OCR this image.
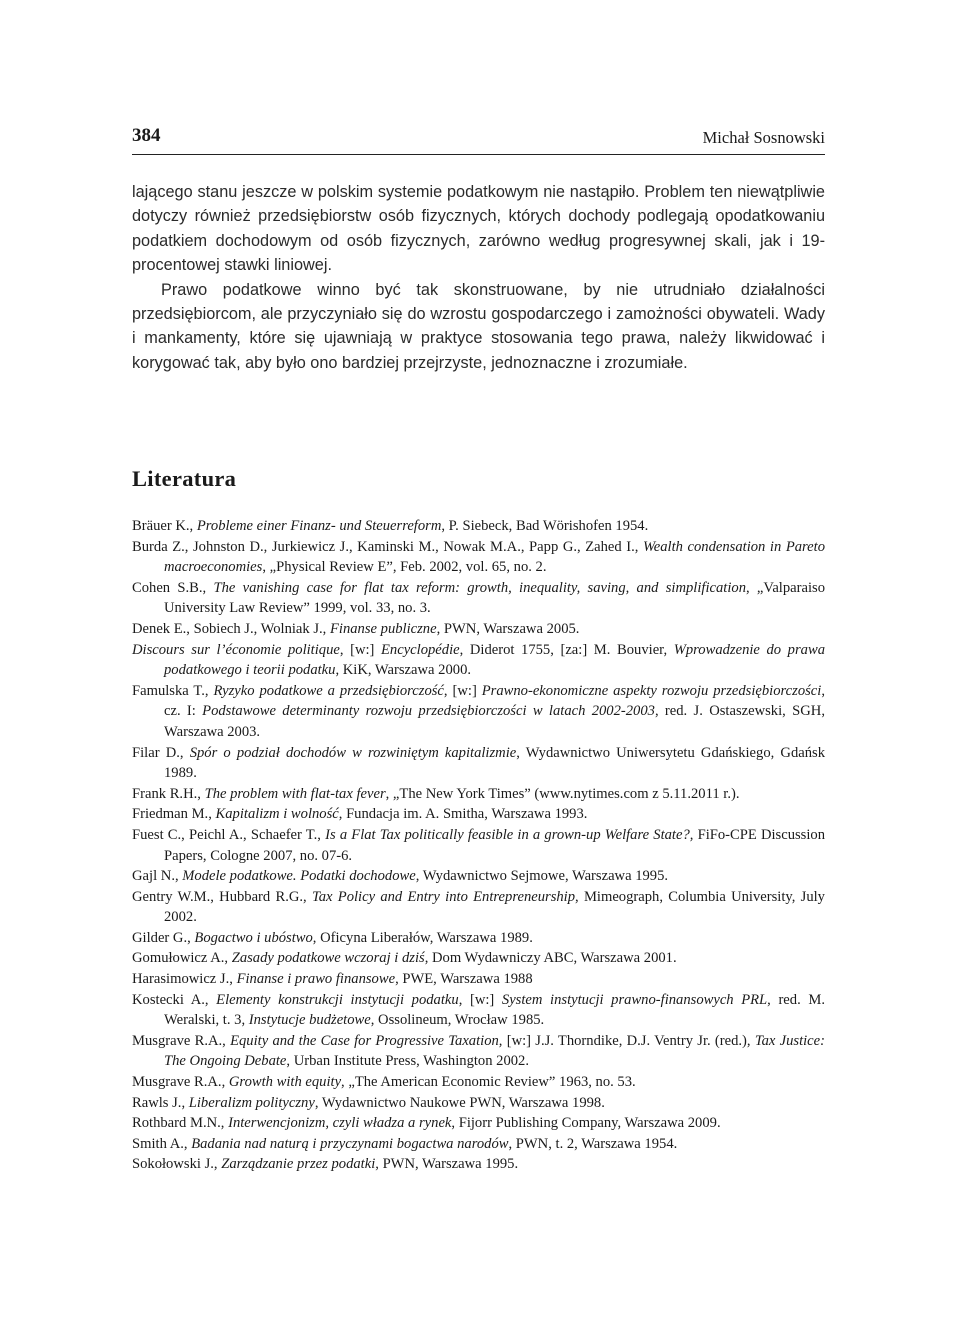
384	Michał Sosnowski

lającego stanu jeszcze w polskim systemie podatkowym nie nastąpiło. Problem ten niewątpliwie dotyczy również przedsiębiorstw osób fizycznych, których dochody podlegają opodatkowaniu podatkiem dochodowym od osób fizycznych, zarówno według progresywnej skali, jak i 19-procentowej stawki liniowej.

Prawo podatkowe winno być tak skonstruowane, by nie utrudniało działalności przedsiębiorcom, ale przyczyniało się do wzrostu gospodarczego i zamożności obywateli. Wady i mankamenty, które się ujawniają w praktyce stosowania tego prawa, należy likwidować i korygować tak, aby było ono bardziej przejrzyste, jednoznaczne i zrozumiałe.

Literatura

Bräuer K., Probleme einer Finanz- und Steuerreform, P. Siebeck, Bad Wörishofen 1954.

Burda Z., Johnston D., Jurkiewicz J., Kaminski M., Nowak M.A., Papp G., Zahed I., Wealth condensation in Pareto macroeconomies, „Physical Review E”, Feb. 2002, vol. 65, no. 2.

Cohen S.B., The vanishing case for flat tax reform: growth, inequality, saving, and simplification, „Valparaiso University Law Review” 1999, vol. 33, no. 3.

Denek E., Sobiech J., Wolniak J., Finanse publiczne, PWN, Warszawa 2005.

Discours sur l’économie politique, [w:] Encyclopédie, Diderot 1755, [za:] M. Bouvier, Wprowadzenie do prawa podatkowego i teorii podatku, KiK, Warszawa 2000.

Famulska T., Ryzyko podatkowe a przedsiębiorczość, [w:] Prawno-ekonomiczne aspekty rozwoju przedsiębiorczości, cz. I: Podstawowe determinanty rozwoju przedsiębiorczości w latach 2002-2003, red. J. Ostaszewski, SGH, Warszawa 2003.

Filar D., Spór o podział dochodów w rozwiniętym kapitalizmie, Wydawnictwo Uniwersytetu Gdańskiego, Gdańsk 1989.

Frank R.H., The problem with flat-tax fever, „The New York Times” (www.nytimes.com z 5.11.2011 r.).

Friedman M., Kapitalizm i wolność, Fundacja im. A. Smitha, Warszawa 1993.

Fuest C., Peichl A., Schaefer T., Is a Flat Tax politically feasible in a grown-up Welfare State?, FiFo-CPE Discussion Papers, Cologne 2007, no. 07-6.

Gajl N., Modele podatkowe. Podatki dochodowe, Wydawnictwo Sejmowe, Warszawa 1995.

Gentry W.M., Hubbard R.G., Tax Policy and Entry into Entrepreneurship, Mimeograph, Columbia University, July 2002.

Gilder G., Bogactwo i ubóstwo, Oficyna Liberałów, Warszawa 1989.

Gomułowicz A., Zasady podatkowe wczoraj i dziś, Dom Wydawniczy ABC, Warszawa 2001.

Harasimowicz J., Finanse i prawo finansowe, PWE, Warszawa 1988

Kostecki A., Elementy konstrukcji instytucji podatku, [w:] System instytucji prawno-finansowych PRL, red. M. Weralski, t. 3, Instytucje budżetowe, Ossolineum, Wrocław 1985.

Musgrave R.A., Equity and the Case for Progressive Taxation, [w:] J.J. Thorndike, D.J. Ventry Jr. (red.), Tax Justice: The Ongoing Debate, Urban Institute Press, Washington 2002.

Musgrave R.A., Growth with equity, „The American Economic Review” 1963, no. 53.

Rawls J., Liberalizm polityczny, Wydawnictwo Naukowe PWN, Warszawa 1998.

Rothbard M.N., Interwencjonizm, czyli władza a rynek, Fijorr Publishing Company, Warszawa 2009.

Smith A., Badania nad naturą i przyczynami bogactwa narodów, PWN, t. 2, Warszawa 1954.

Sokołowski J., Zarządzanie przez podatki, PWN, Warszawa 1995.
